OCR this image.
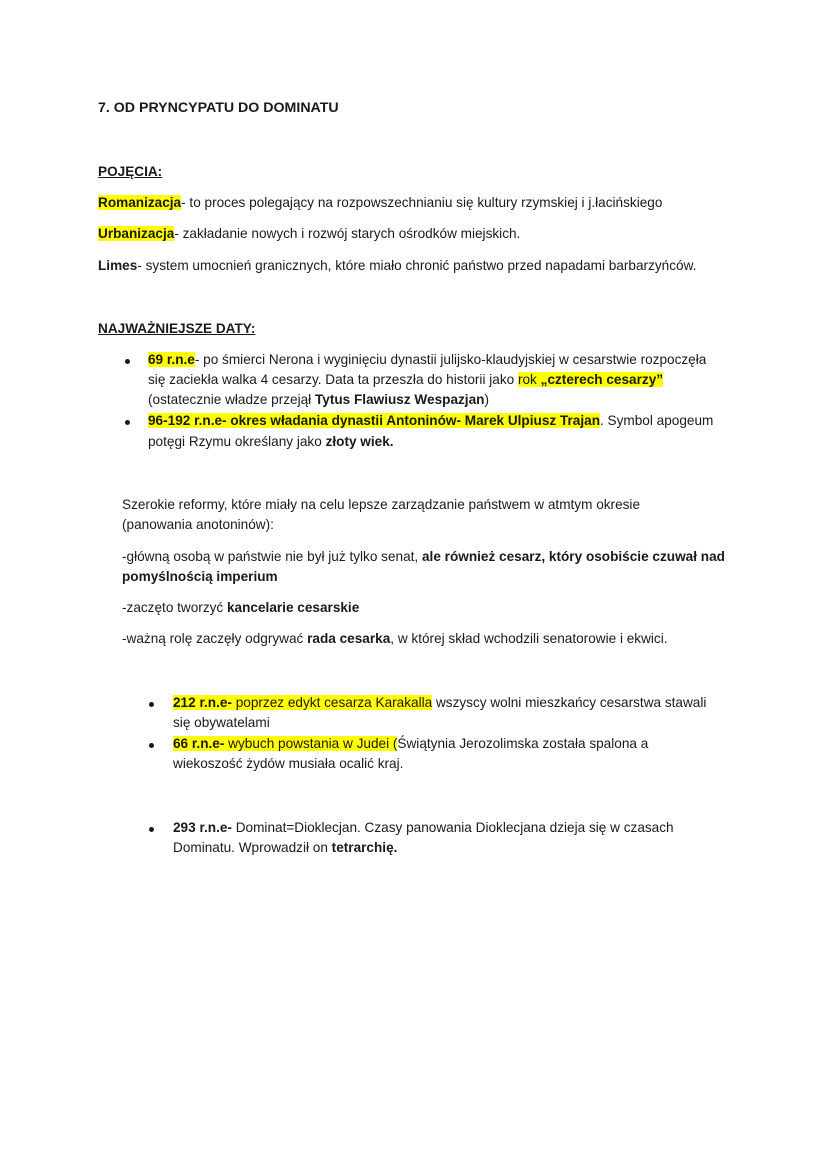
7. OD PRYNCYPATU DO DOMINATU
POJĘCIA:
Romanizacja- to proces polegający na rozpowszechnianiu się kultury rzymskiej i j.łacińskiego
Urbanizacja- zakładanie nowych i rozwój starych ośrodków miejskich.
Limes- system umocnień granicznych, które miało chronić państwo przed napadami barbarzyńców.
NAJWAŻNIEJSZE DATY:
69 r.n.e- po śmierci Nerona i wyginięciu dynastii julijsko-klaudyjskiej w cesarstwie rozpoczęła
się zaciekła walka 4 cesarzy. Data ta przeszła do historii jako rok „czterech cesarzy”
(ostatecznie władze przejął Tytus Flawiusz Wespazjan)
96-192 r.n.e- okres władania dynastii Antoninów- Marek Ulpiusz Trajan. Symbol apogeum
potęgi Rzymu określany jako złoty wiek.
Szerokie reformy, które miały na celu lepsze zarządzanie państwem w atmtym okresie
(panowania anotoninów):
-główną osobą w państwie nie był już tylko senat, ale również cesarz, który osobiście czuwał nad
pomyślnością imperium
-zaczęto tworzyć kancelarie cesarskie
-ważną rolę zaczęły odgrywać rada cesarka, w której skład wchodzili senatorowie i ekwici.
212 r.n.e- poprzez edykt cesarza Karakalla wszyscy wolni mieszkańcy cesarstwa stawali
się obywatelami
66 r.n.e- wybuch powstania w Judei (Świątynia Jerozolimska została spalona a
wiekoszość żydów musiała ocalić kraj.
293 r.n.e- Dominat=Dioklecjan. Czasy panowania Dioklecjana dzieja się w czasach
Dominatu. Wprowadził on tetrarchię.
